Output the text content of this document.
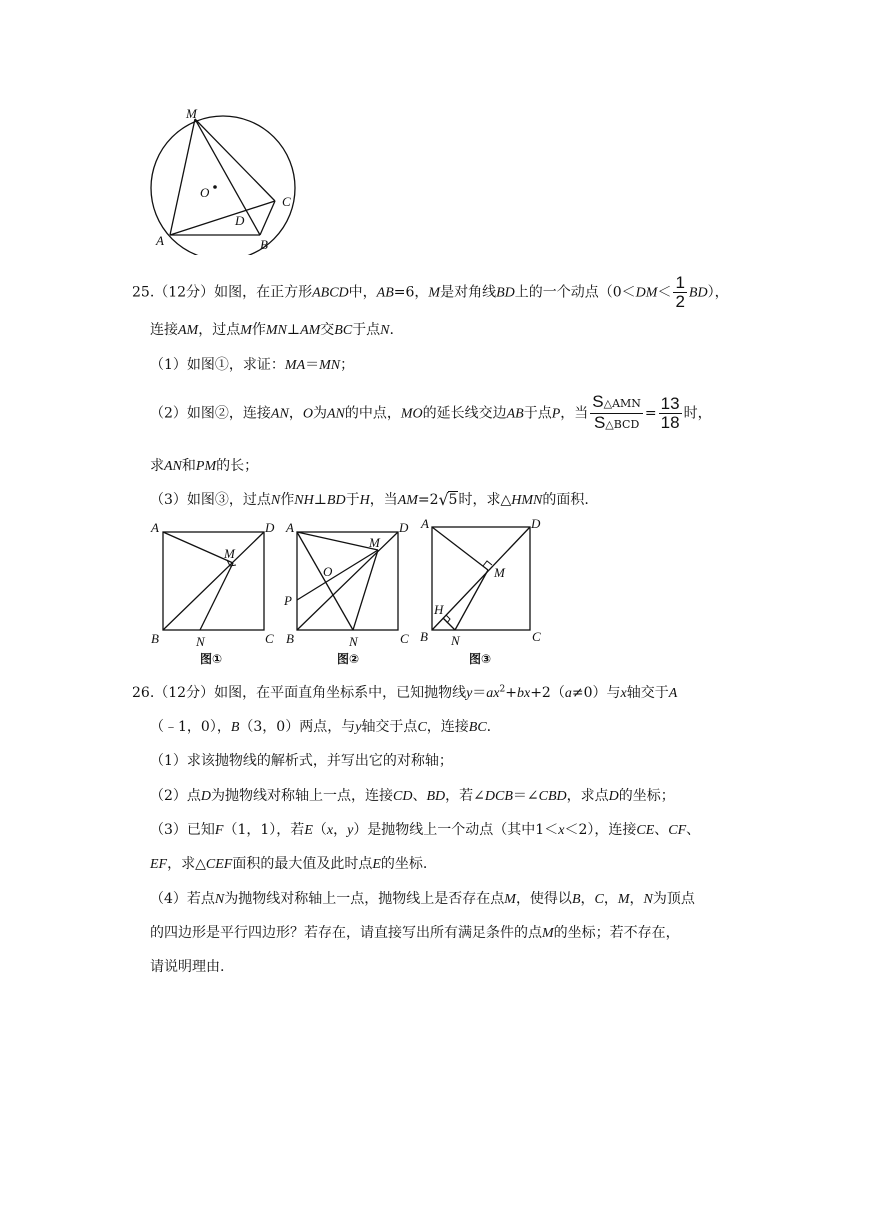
M
O
D
C
A	B
25.（12分）如图，在正方形ABCD中，AB=6，M是对角线BD上的一个动点$(0<DM< \frac{1}{2} BD)$，
连接AM，过点M作MN⊥AM交BC于点N.
（1）如图①，求证：MA＝MN；
（2）如图②，连接AN，O为AN的中点，MO的延长线交边AB于点P，当 $\frac{\text{S△AMN}}{\text{S△BCD}} = \frac{13}{18}$ 时，
求AN和PM的长；
（3）如图③，过点N作NH⊥BD于H，当AM=2√ 5时，求△HMN的面积.
A	D
M
B	N	C
图①
A	D
M
O
P
B	N	C
图②
A	D
M
H
B N	C
图③
26.（12分）如图，在平面直角坐标系中，已知抛物线$y=ax^2+bx+2(a\ne 0)$与x轴交于A
（﹣1，0），B（3，0）两点，与y轴交于点C，连接BC.
（1）求该抛物线的解析式，并写出它的对称轴；
（2）点D为抛物线对称轴上一点，连接CD、BD，若∠DCB＝∠CBD，求点D的坐标；
（3）已知F（1，1），若E（x，y）是抛物线上一个动点（其中1＜x＜2），连接CE、CF、
EF，求△CEF面积的最大值及此时点E的坐标.
（4）若点N为抛物线对称轴上一点，抛物线上是否存在点M，使得以B，C，M，N为顶点
的四边形是平行四边形？若存在，请直接写出所有满足条件的点M的坐标；若不存在，
请说明理由.
